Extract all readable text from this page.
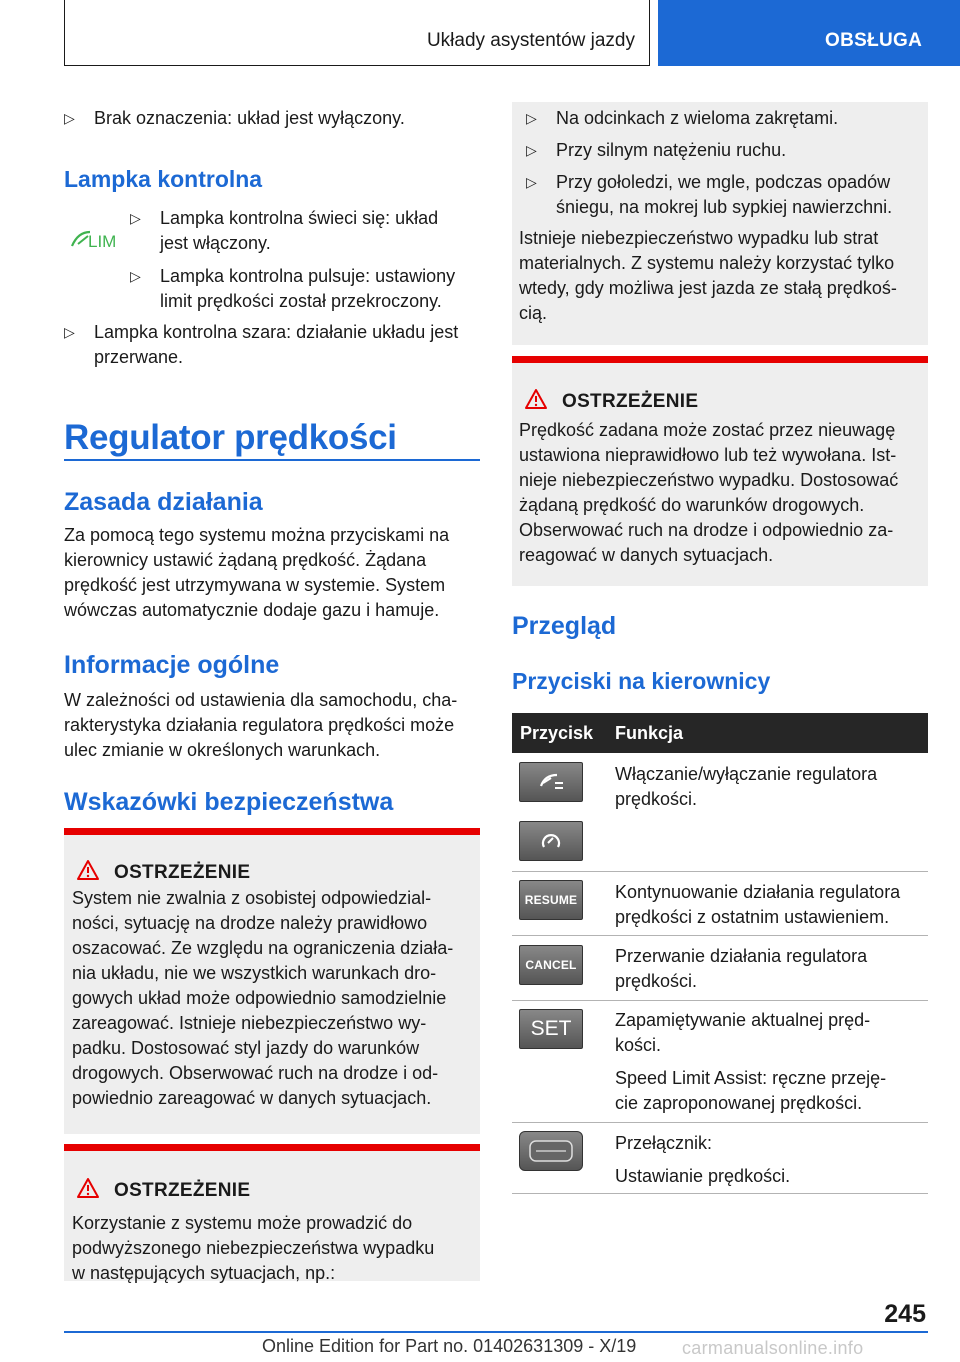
Układy asystentów jazdy	OBSŁUGA
▷	Brak oznaczenia: układ jest wyłączony.
Lampka kontrolna
LIM
▷	Lampka kontrolna świeci się: układ
jest włączony.
▷	Lampka kontrolna pulsuje: ustawiony
limit prędkości został przekroczony.
▷	Lampka kontrolna szara: działanie układu jest
przerwane.
Regulator prędkości
Zasada działania
Za pomocą tego systemu można przyciskami na
kierownicy ustawić żądaną prędkość. Żądana
prędkość jest utrzymywana w systemie. System
wówczas automatycznie dodaje gazu i hamuje.
Informacje ogólne
W zależności od ustawienia dla samochodu, cha-
rakterystyka działania regulatora prędkości może
ulec zmianie w określonych warunkach.
Wskazówki bezpieczeństwa
OSTRZEŻENIE
System nie zwalnia z osobistej odpowiedzial-
ności, sytuację na drodze należy prawidłowo
oszacować. Ze względu na ograniczenia działa-
nia układu, nie we wszystkich warunkach dro-
gowych układ może odpowiednio samodzielnie
zareagować. Istnieje niebezpieczeństwo wy-
padku. Dostosować styl jazdy do warunków
drogowych. Obserwować ruch na drodze i od-
powiednio zareagować w danych sytuacjach.
OSTRZEŻENIE
Korzystanie z systemu może prowadzić do
podwyższonego niebezpieczeństwa wypadku
w następujących sytuacjach, np.:
▷	Na odcinkach z wieloma zakrętami.
▷	Przy silnym natężeniu ruchu.
▷	Przy gołoledzi, we mgle, podczas opadów
śniegu, na mokrej lub sypkiej nawierzchni.
Istnieje niebezpieczeństwo wypadku lub strat
materialnych. Z systemu należy korzystać tylko
wtedy, gdy możliwa jest jazda ze stałą prędkoś-
cią.
OSTRZEŻENIE
Prędkość zadana może zostać przez nieuwagę
ustawiona nieprawidłowo lub też wywołana. Ist-
nieje niebezpieczeństwo wypadku. Dostosować
żądaną prędkość do warunków drogowych.
Obserwować ruch na drodze i odpowiednio za-
reagować w danych sytuacjach.
Przegląd
Przyciski na kierownicy
Przycisk Funkcja
Włączanie/wyłączanie regulatora
prędkości.
RESUME	Kontynuowanie działania regulatora
prędkości z ostatnim ustawieniem.
CANCEL	Przerwanie działania regulatora
prędkości.
SET	Zapamiętywanie aktualnej pręd-
kości.
Speed Limit Assist: ręczne przeję-
cie zaproponowanej prędkości.
Przełącznik:
Ustawianie prędkości.
245
Online Edition for Part no. 01402631309 - X/19	carmanualsonline.info
